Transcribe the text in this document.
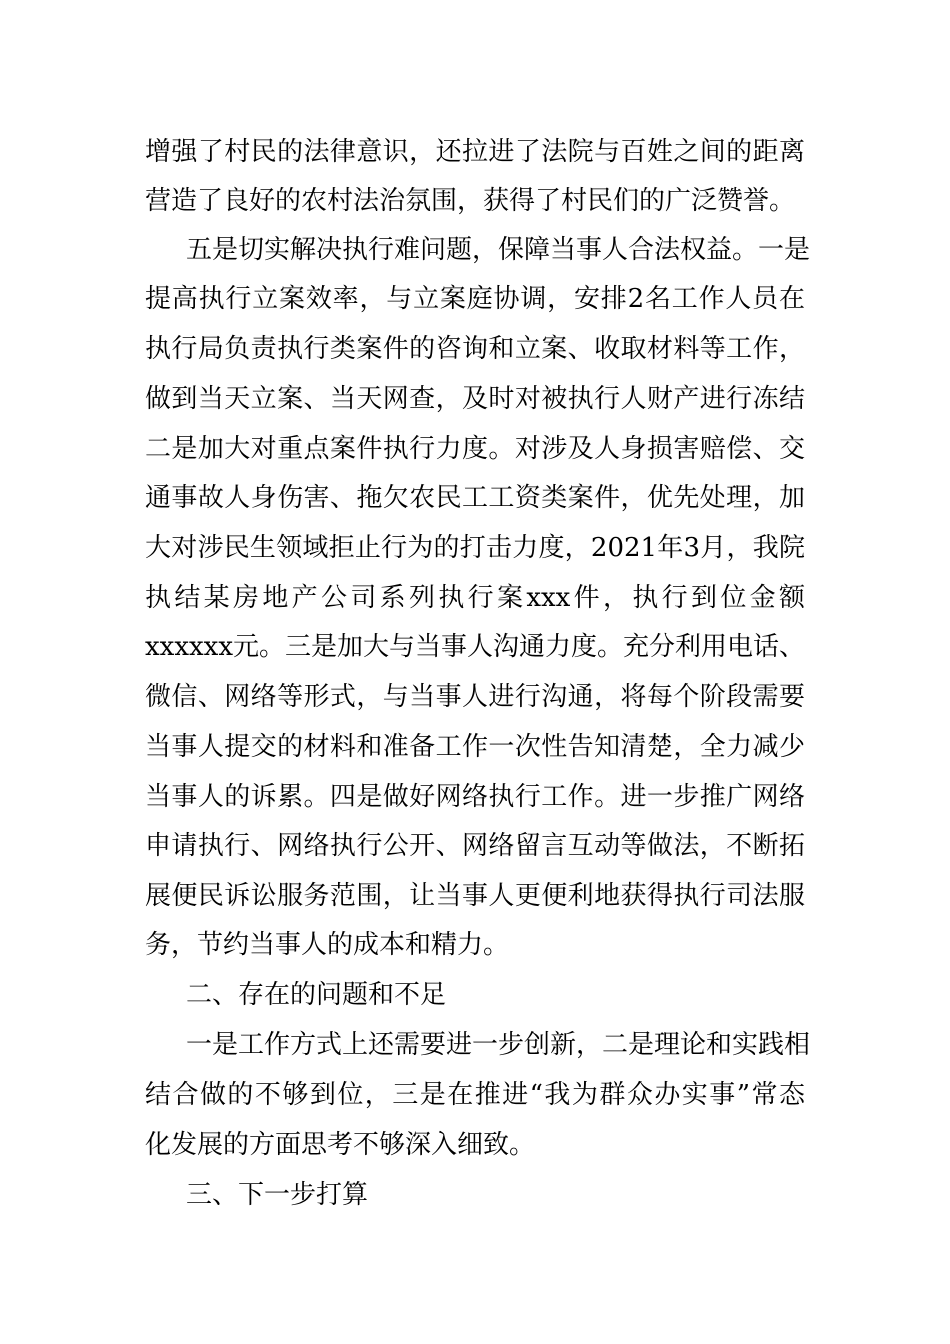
增强了村民的法律意识，还拉进了法院与百姓之间的距离

营造了良好的农村法治氛围，获得了村民们的广泛赞誉。

五是切实解决执行难问题，保障当事人合法权益。一是

提高执行立案效率，与立案庭协调，安排2名工作人员在

执行局负责执行类案件的咨询和立案、收取材料等工作，

做到当天立案、当天网查，及时对被执行人财产进行冻结

二是加大对重点案件执行力度。对涉及人身损害赔偿、交

通事故人身伤害、拖欠农民工工资类案件，优先处理，加

大对涉民生领域拒止行为的打击力度，2021年3月，我院

执结某房地产公司系列执行案xxx件，执行到位金额

xxxxxx元。三是加大与当事人沟通力度。充分利用电话、

微信、网络等形式，与当事人进行沟通，将每个阶段需要

当事人提交的材料和准备工作一次性告知清楚，全力减少

当事人的诉累。四是做好网络执行工作。进一步推广网络

申请执行、网络执行公开、网络留言互动等做法，不断拓

展便民诉讼服务范围，让当事人更便利地获得执行司法服

务，节约当事人的成本和精力。

二、存在的问题和不足

一是工作方式上还需要进一步创新，二是理论和实践相

结合做的不够到位，三是在推进“我为群众办实事”常态

化发展的方面思考不够深入细致。

三、下一步打算
